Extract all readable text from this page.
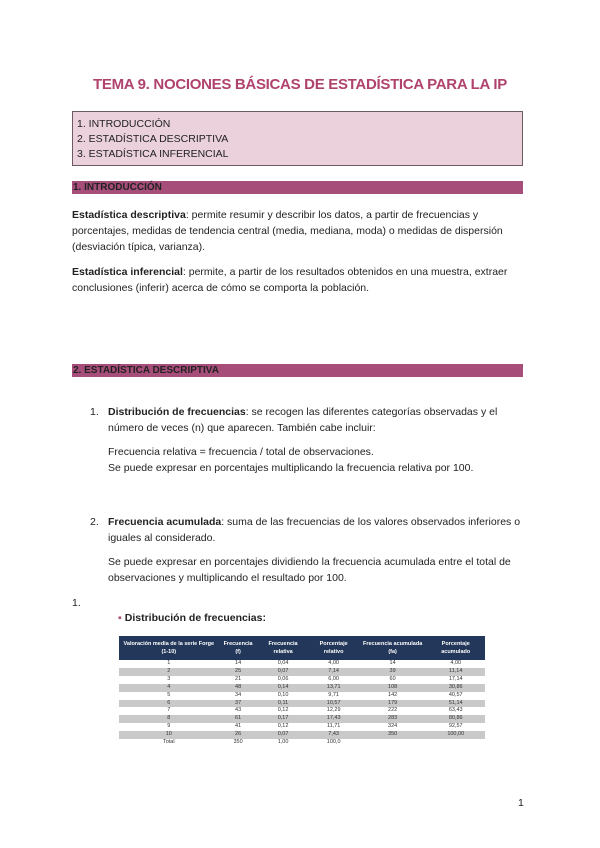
TEMA 9. NOCIONES BÁSICAS DE ESTADÍSTICA PARA LA IP
1. INTRODUCCIÓN
2. ESTADÍSTICA DESCRIPTIVA
3. ESTADÍSTICA INFERENCIAL
1. INTRODUCCIÓN
Estadística descriptiva: permite resumir y describir los datos, a partir de frecuencias y porcentajes, medidas de tendencia central (media, mediana, moda) o medidas de dispersión (desviación típica, varianza).
Estadística inferencial: permite, a partir de los resultados obtenidos en una muestra, extraer conclusiones (inferir) acerca de cómo se comporta la población.
2. ESTADÍSTICA DESCRIPTIVA
1. Distribución de frecuencias: se recogen las diferentes categorías observadas y el número de veces (n) que aparecen. También cabe incluir:
Frecuencia relativa = frecuencia / total de observaciones.
Se puede expresar en porcentajes multiplicando la frecuencia relativa por 100.
2. Frecuencia acumulada: suma de las frecuencias de los valores observados inferiores o iguales al considerado.
Se puede expresar en porcentajes dividiendo la frecuencia acumulada entre el total de observaciones y multiplicando el resultado por 100.
1.
▪ Distribución de frecuencias:
Valoración media de la serie Forge (1-10)	Frecuencia (f)	Frecuencia relativa	Porcentaje relativo	Frecuencia acumulada (fa)	Porcentaje acumulado
1	14	0,04	4,00	14	4,00
2	25	0,07	7,14	39	11,14
3	21	0,06	6,00	60	17,14
4	48	0,14	13,71	108	30,86
5	34	0,10	9,71	142	40,57
6	37	0,11	10,57	179	51,14
7	43	0,12	12,29	222	63,43
8	61	0,17	17,43	283	80,86
9	41	0,12	11,71	324	92,57
10	26	0,07	7,43	350	100,00
Total	350	1,00	100,0		
1
